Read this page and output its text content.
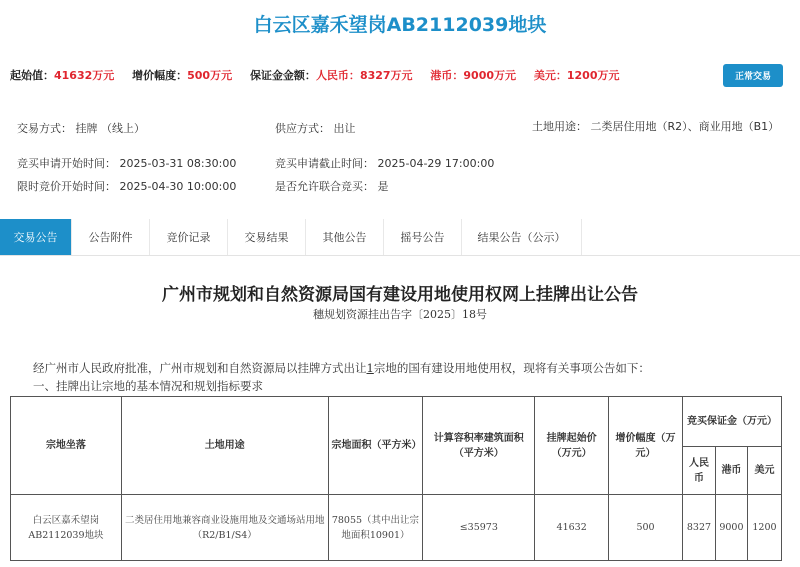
白云区嘉禾望岗AB2112039地块
起始值：41632万元 增价幅度：500万元 保证金金额：人民币：8327万元 港币：9000万元 美元：1200万元	正常交易
交易方式： 挂牌 （线上）	供应方式： 出让	土地用途： 二类居住用地（R2）、商业用地（B1）
竞买申请开始时间： 2025-03-31 08:30:00	竞买申请截止时间： 2025-04-29 17:00:00
限时竞价开始时间： 2025-04-30 10:00:00	是否允许联合竞买： 是
交易公告	公告附件	竞价记录	交易结果	其他公告	摇号公告	结果公告（公示）
广州市规划和自然资源局国有建设用地使用权网上挂牌出让公告
穗规划资源挂出告字〔2025〕18号
经广州市人民政府批准，广州市规划和自然资源局以挂牌方式出让1宗地的国有建设用地使用权，现将有关事项公告如下：
一、挂牌出让宗地的基本情况和规划指标要求
宗地坐落	土地用途	宗地面积（平方米）	计算容积率建筑面积（平方米）	挂牌起始价（万元）	增价幅度（万元）	竞买保证金（万元）		
						人民币	港币	美元
白云区嘉禾望岗AB2112039地块	二类居住用地兼容商业设施用地及交通场站用地（R2/B1/S4）	78055（其中出让宗地面积10901）	≤35973	41632	500	8327	9000	1200
